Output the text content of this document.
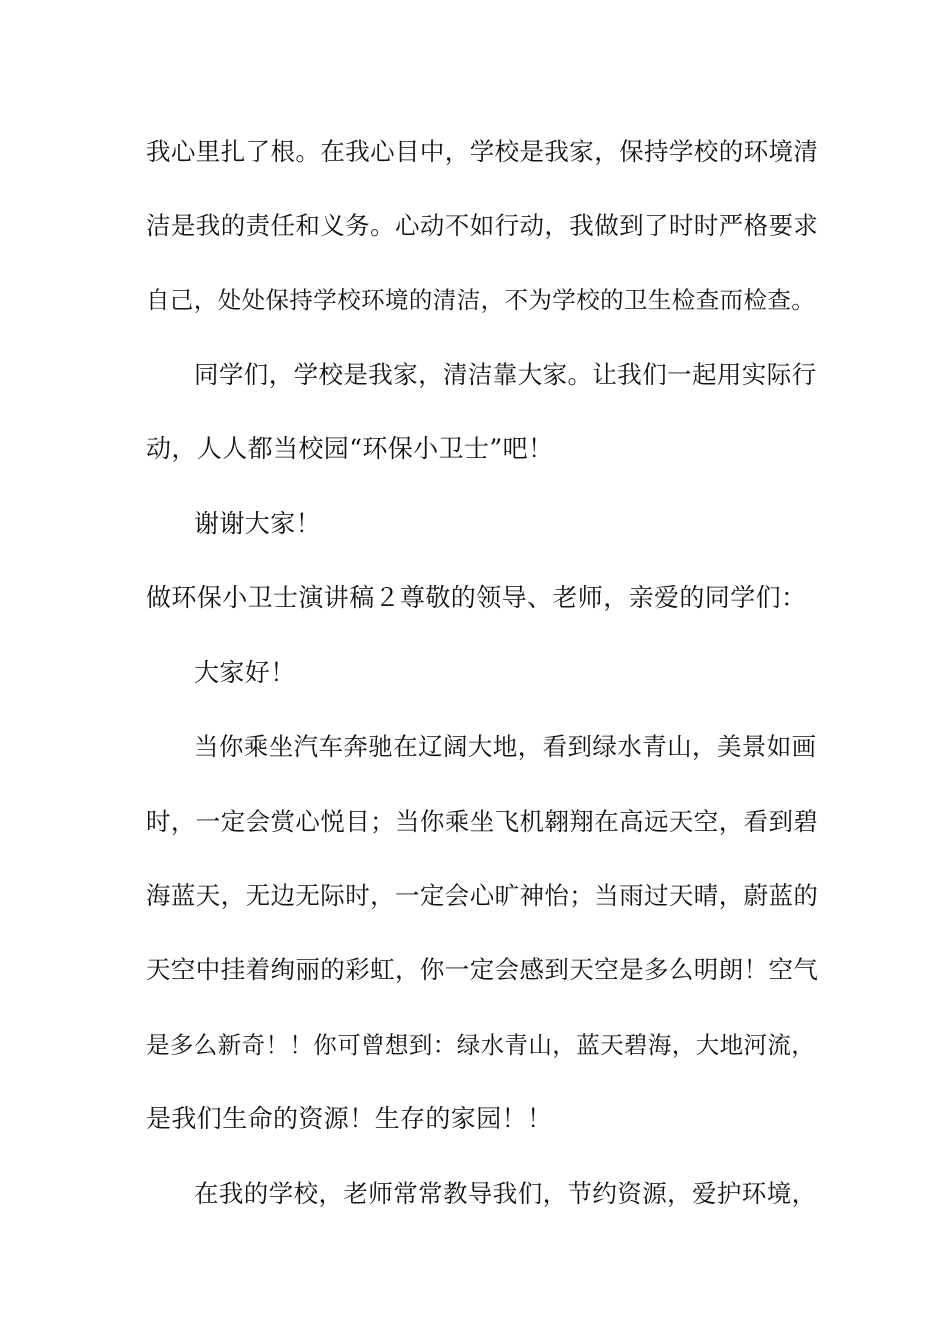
我心里扎了根。在我心目中，学校是我家，保持学校的环境清
洁是我的责任和义务。心动不如行动，我做到了时时严格要求
自己，处处保持学校环境的清洁，不为学校的卫生检查而检查。
同学们，学校是我家，清洁靠大家。让我们一起用实际行
动，人人都当校园“环保小卫士”吧！
谢谢大家！
做环保小卫士演讲稿２尊敬的领导、老师，亲爱的同学们：
大家好！
当你乘坐汽车奔驰在辽阔大地，看到绿水青山，美景如画
时，一定会赏心悦目；当你乘坐飞机翱翔在高远天空，看到碧
海蓝天，无边无际时，一定会心旷神怡；当雨过天晴，蔚蓝的
天空中挂着绚丽的彩虹，你一定会感到天空是多么明朗！空气
是多么新奇！！你可曾想到：绿水青山，蓝天碧海，大地河流，
是我们生命的资源！生存的家园！！
在我的学校，老师常常教导我们，节约资源，爱护环境，
